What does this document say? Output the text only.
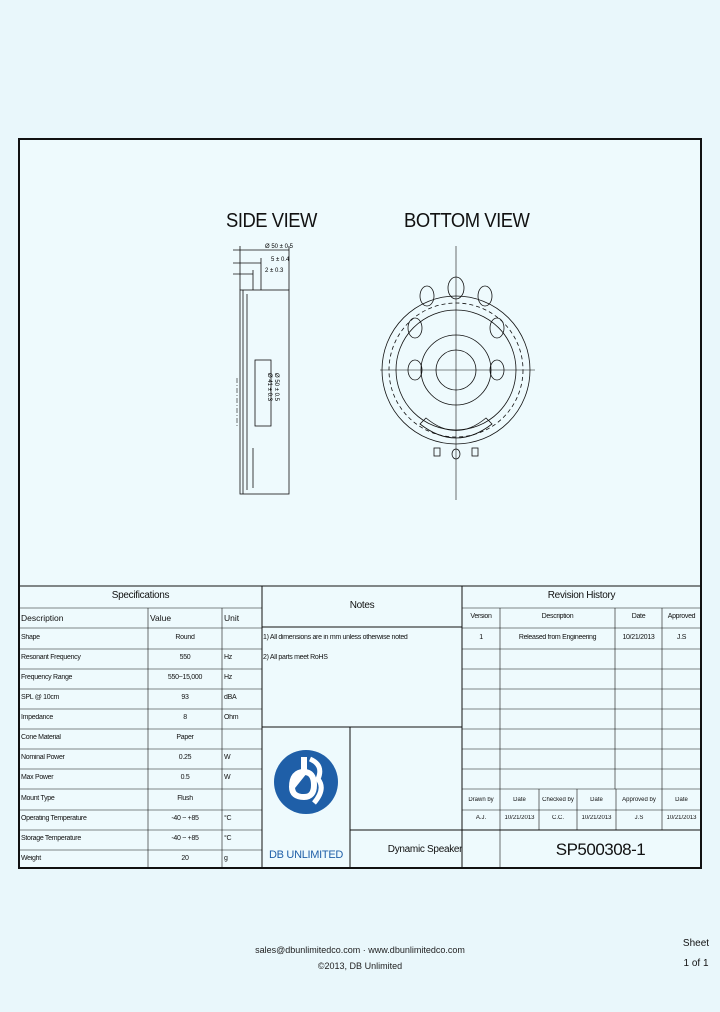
SIDE VIEW	BOTTOM VIEW
Ø 50 ± 0.5
5 ± 0.4
2 ± 0.3
Ø 41 ± 0.3 Ø 50 ± 0.5
Specifications
Description	Value	Unit
Shape	Round
Resonant Frequency	550	Hz
Frequency Range	550~15,000	Hz
SPL @ 10cm	93	dBA
Impedance	8	Ohm
Cone Material	Paper
Nominal Power	0.25	W
Max Power	0.5	W
Mount Type	Flush
Operating Temperature	-40 ~ +85	°C
Storage Temperature	-40 ~ +85	°C
Weight	20	g
Notes
1) All dimensions are in mm unless otherwise noted
2) All parts meet RoHS
Revision History
Version	Description	Date	Approved
1	Released from Engineering	10/21/2013	J.S
Drawn by	Date	Checked by	Date	Approved by	Date
A.J.	10/21/2013	C.C.	10/21/2013	J.S	10/21/2013
DB UNLIMITED	Dynamic Speaker	SP500308-1
sales@dbunlimitedco.com · www.dbunlimitedco.com
©2013, DB Unlimited
Sheet
1 of 1
